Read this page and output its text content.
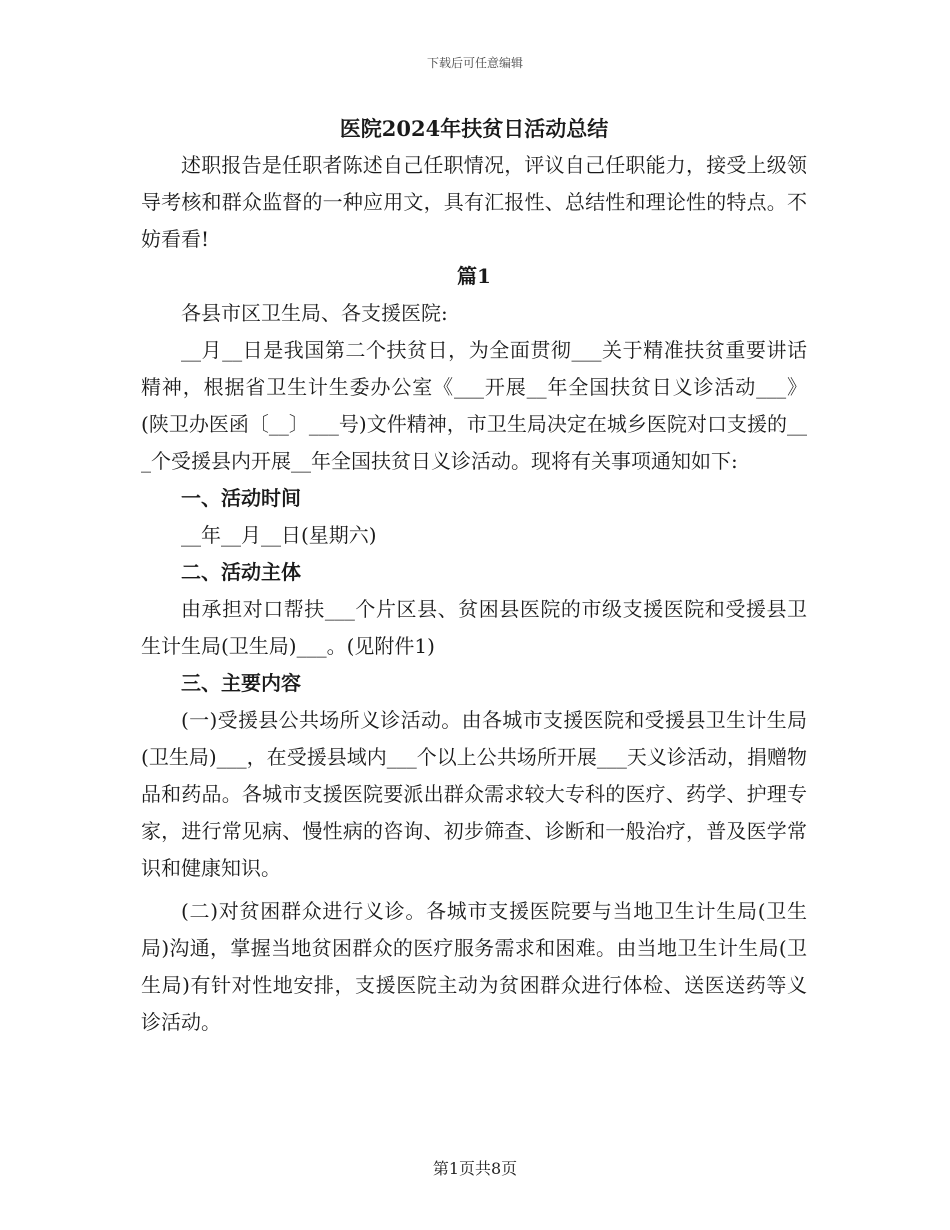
下载后可任意编辑

医院2024年扶贫日活动总结

述职报告是任职者陈述自己任职情况，评议自己任职能力，接受上级领导考核和群众监督的一种应用文，具有汇报性、总结性和理论性的特点。不妨看看!

篇1

各县市区卫生局、各支援医院:

__月__日是我国第二个扶贫日，为全面贯彻___关于精准扶贫重要讲话精神，根据省卫生计生委办公室《___开展__年全国扶贫日义诊活动___》(陕卫办医函〔__〕___号)文件精神，市卫生局决定在城乡医院对口支援的___个受援县内开展__年全国扶贫日义诊活动。现将有关事项通知如下:

一、活动时间

__年__月__日(星期六)

二、活动主体

由承担对口帮扶___个片区县、贫困县医院的市级支援医院和受援县卫生计生局(卫生局)___。(见附件1)

三、主要内容

(一)受援县公共场所义诊活动。由各城市支援医院和受援县卫生计生局(卫生局)___，在受援县域内___个以上公共场所开展___天义诊活动，捐赠物品和药品。各城市支援医院要派出群众需求较大专科的医疗、药学、护理专家，进行常见病、慢性病的咨询、初步筛查、诊断和一般治疗，普及医学常识和健康知识。

(二)对贫困群众进行义诊。各城市支援医院要与当地卫生计生局(卫生局)沟通，掌握当地贫困群众的医疗服务需求和困难。由当地卫生计生局(卫生局)有针对性地安排，支援医院主动为贫困群众进行体检、送医送药等义诊活动。

第1页共8页
